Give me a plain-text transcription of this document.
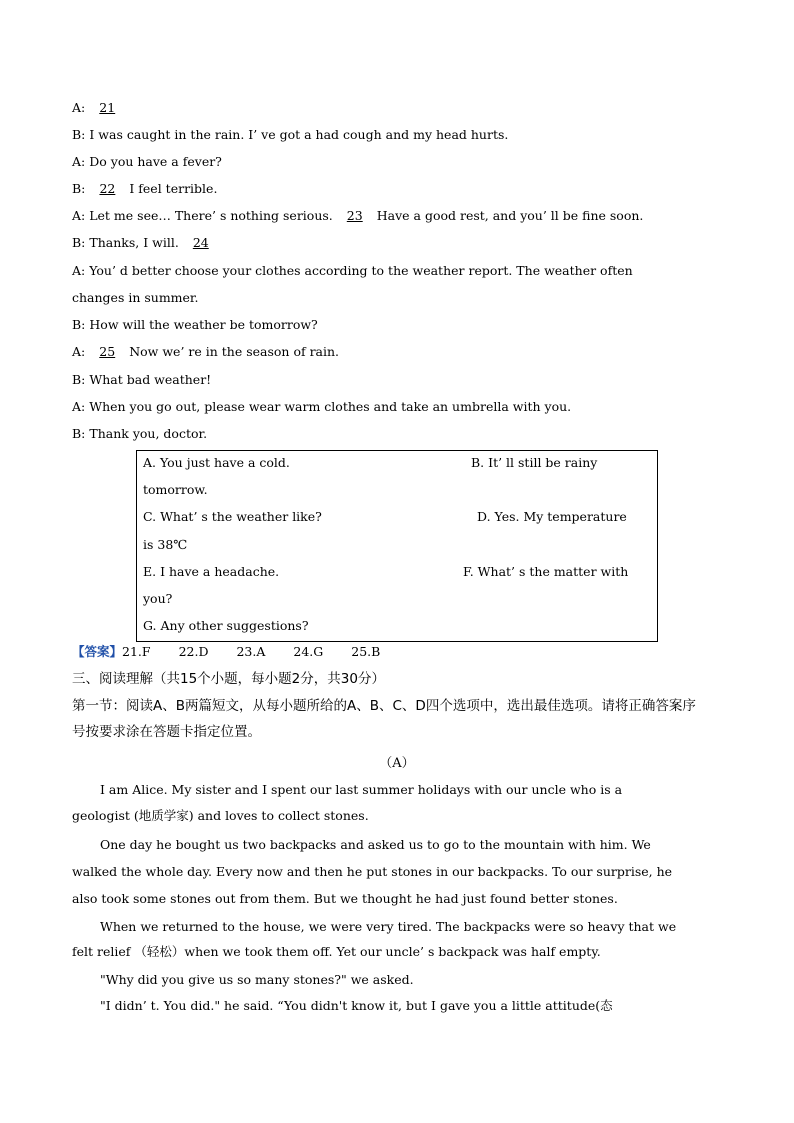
A: 21
B: I was caught in the rain. I’ ve got a had cough and my head hurts.
A: Do you have a fever?
B: 22 I feel terrible.
A: Let me see… There’ s nothing serious. 23 Have a good rest, and you’ ll be fine soon.
B: Thanks, I will. 24
A: You’ d better choose your clothes according to the weather report. The weather often
changes in summer.
B: How will the weather be tomorrow?
A: 25 Now we’ re in the season of rain.
B: What bad weather!
A: When you go out, please wear warm clothes and take an umbrella with you.
B: Thank you, doctor.
A. You just have a cold.	B. It’ ll still be rainy
tomorrow.
C. What’ s the weather like?	D. Yes. My temperature
is 38℃
E. I have a headache.	F. What’ s the matter with
you?
G. Any other suggestions?
【答案】21.F 22.D 23.A 24.G 25.B
三、阅读理解（共15个小题，每小题2分，共30分）
第一节：阅读A、B两篇短文，从每小题所给的A、B、C、D四个选项中，选出最佳选项。请将正确答案序
号按要求涂在答题卡指定位置。
（A）
I am Alice. My sister and I spent our last summer holidays with our uncle who is a
geologist (地质学家) and loves to collect stones.
One day he bought us two backpacks and asked us to go to the mountain with him. We
walked the whole day. Every now and then he put stones in our backpacks. To our surprise, he
also took some stones out from them. But we thought he had just found better stones.
When we returned to the house, we were very tired. The backpacks were so heavy that we
felt relief （轻松）when we took them off. Yet our uncle’ s backpack was half empty.
"Why did you give us so many stones?" we asked.
"I didn’ t. You did." he said. “You didn't know it, but I gave you a little attitude(态
